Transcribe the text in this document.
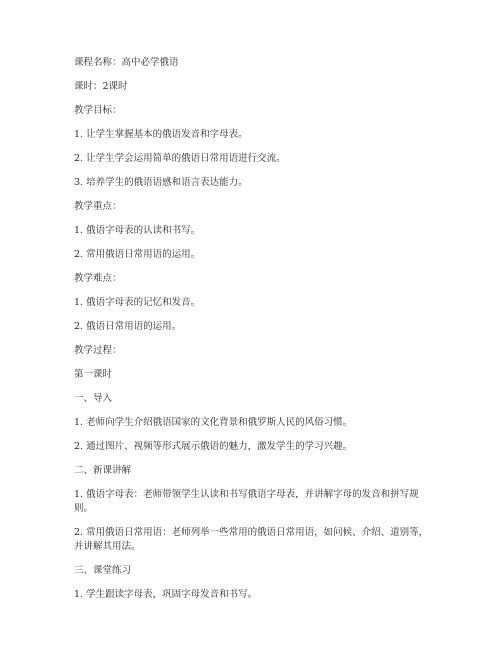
课程名称：高中必学俄语

课时：2课时

教学目标：

1. 让学生掌握基本的俄语发音和字母表。

2. 让学生学会运用简单的俄语日常用语进行交流。

3. 培养学生的俄语语感和语言表达能力。

教学重点：

1. 俄语字母表的认读和书写。

2. 常用俄语日常用语的运用。

教学难点：

1. 俄语字母表的记忆和发音。

2. 俄语日常用语的运用。

教学过程：

第一课时

一、导入

1. 老师向学生介绍俄语国家的文化背景和俄罗斯人民的风俗习惯。

2. 通过图片、视频等形式展示俄语的魅力，激发学生的学习兴趣。

二、新课讲解

1. 俄语字母表：老师带领学生认读和书写俄语字母表，并讲解字母的发音和拼写规则。

2. 常用俄语日常用语：老师列举一些常用的俄语日常用语，如问候、介绍、道别等，并讲解其用法。

三、课堂练习

1. 学生跟读字母表，巩固字母发音和书写。
